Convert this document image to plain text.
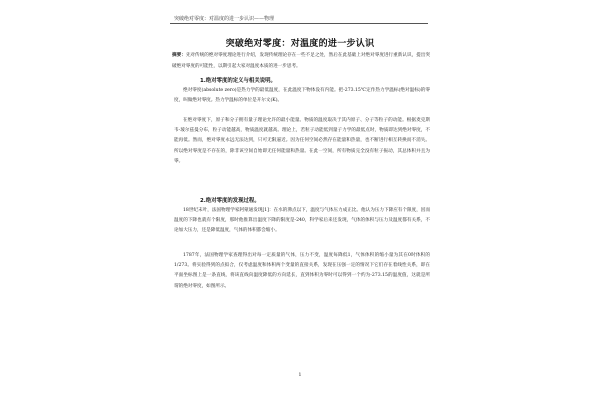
突破绝对零度：对温度的进一步认识——物理
突破绝对零度：对温度的进一步认识
摘要：先对传统的绝对零度理论进行介绍，发现传统理论存在一些不足之处，然后在此基础上对绝对零度进行重新认识，提出突破绝对零度的可能性，以期引起大家对温度本质的进一步思考。
1.绝对零度的定义与相关说明。
绝对零度(absolute zero)是热力学的最低温度，在此温度下物体没有内能。把-273.15℃定作热力学温标(绝对温标)的零度，叫做绝对零度。热力学温标的单位是开尔文(K)。
在绝对零度下，原子和分子拥有量子理论允许的最小能量。物质的温度取决于其内原子、分子等粒子的动能。根据麦克斯韦-玻尔兹曼分布，粒子动能越高，物质温度就越高。理论上，若粒子动能低到量子力学的最低点时，物质即达到绝对零度，不能再低。然而，绝对零度永远无法达到，只可无限逼近。因为任何空间必然存在能量和热量，也不断进行相互转换而不消失。所以绝对零度是不存在的，除非该空间自始即无任何能量和热量。在此一空间，所有物质完全没有粒子振动，其总体积并且为零。
2.绝对零度的发现过程。
18世纪末叶，法国物理学家阿蒙通发现[1]：在水的沸点以下，温度与气体压力成正比。他认为压力下降应有个限度，因而温度的下降也就有个限度，那时他推算出温度下降的限度是-240，科学家后来还发现，气体的体积与压力及温度都有关系，不论加大压力，还是降低温度，气体的体积都会缩小。
1787年，法国物理学家查理得出对每一定质量的气体，压力不变，温度每降低1，气体体积的缩小量为其在0时体积的1/273。将实验得到的点拟合，仅考虑温度和体积两个变量的直接关系，发现在压强一定的情况下它们存在着线性关系，即在平面坐标图上是一条直线，将该直线向温度降低的方向延长，直到体积为零时可以得到一个约为-273.15的温度值，这就是所谓的绝对零度，如图所示。
1
